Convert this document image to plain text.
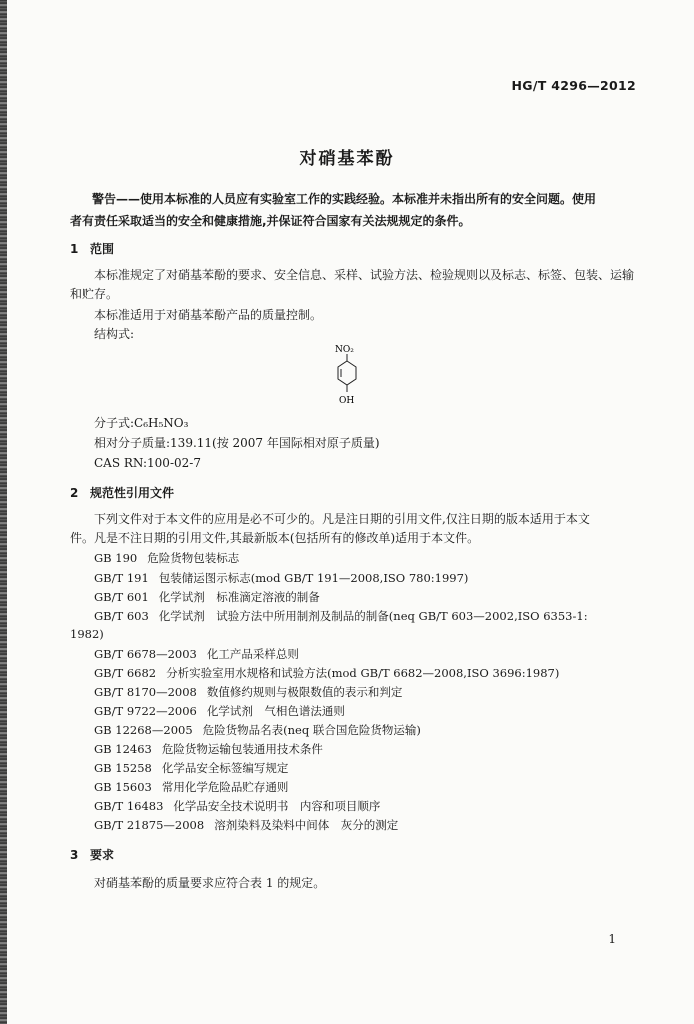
HG/T 4296—2012
对硝基苯酚
警告——使用本标准的人员应有实验室工作的实践经验。本标准并未指出所有的安全问题。使用
者有责任采取适当的安全和健康措施,并保证符合国家有关法规规定的条件。
1 范围
本标准规定了对硝基苯酚的要求、安全信息、采样、试验方法、检验规则以及标志、标签、包装、运输
和贮存。
本标准适用于对硝基苯酚产品的质量控制。
结构式:
NO₂
OH
分子式:C₆H₅NO₃
相对分子质量:139.11(按 2007 年国际相对原子质量)
CAS RN:100-02-7
2 规范性引用文件
下列文件对于本文件的应用是必不可少的。凡是注日期的引用文件,仅注日期的版本适用于本文
件。凡是不注日期的引用文件,其最新版本(包括所有的修改单)适用于本文件。
GB 190 危险货物包装标志
GB/T 191 包装储运图示标志(mod GB/T 191—2008,ISO 780:1997)
GB/T 601 化学试剂　标准滴定溶液的制备
GB/T 603 化学试剂　试验方法中所用制剂及制品的制备(neq GB/T 603—2002,ISO 6353-1:
1982)
GB/T 6678—2003 化工产品采样总则
GB/T 6682 分析实验室用水规格和试验方法(mod GB/T 6682—2008,ISO 3696:1987)
GB/T 8170—2008 数值修约规则与极限数值的表示和判定
GB/T 9722—2006 化学试剂　气相色谱法通则
GB 12268—2005 危险货物品名表(neq 联合国危险货物运输)
GB 12463 危险货物运输包装通用技术条件
GB 15258 化学品安全标签编写规定
GB 15603 常用化学危险品贮存通则
GB/T 16483 化学品安全技术说明书　内容和项目顺序
GB/T 21875—2008 溶剂染料及染料中间体　灰分的测定
3 要求
对硝基苯酚的质量要求应符合表 1 的规定。
1
